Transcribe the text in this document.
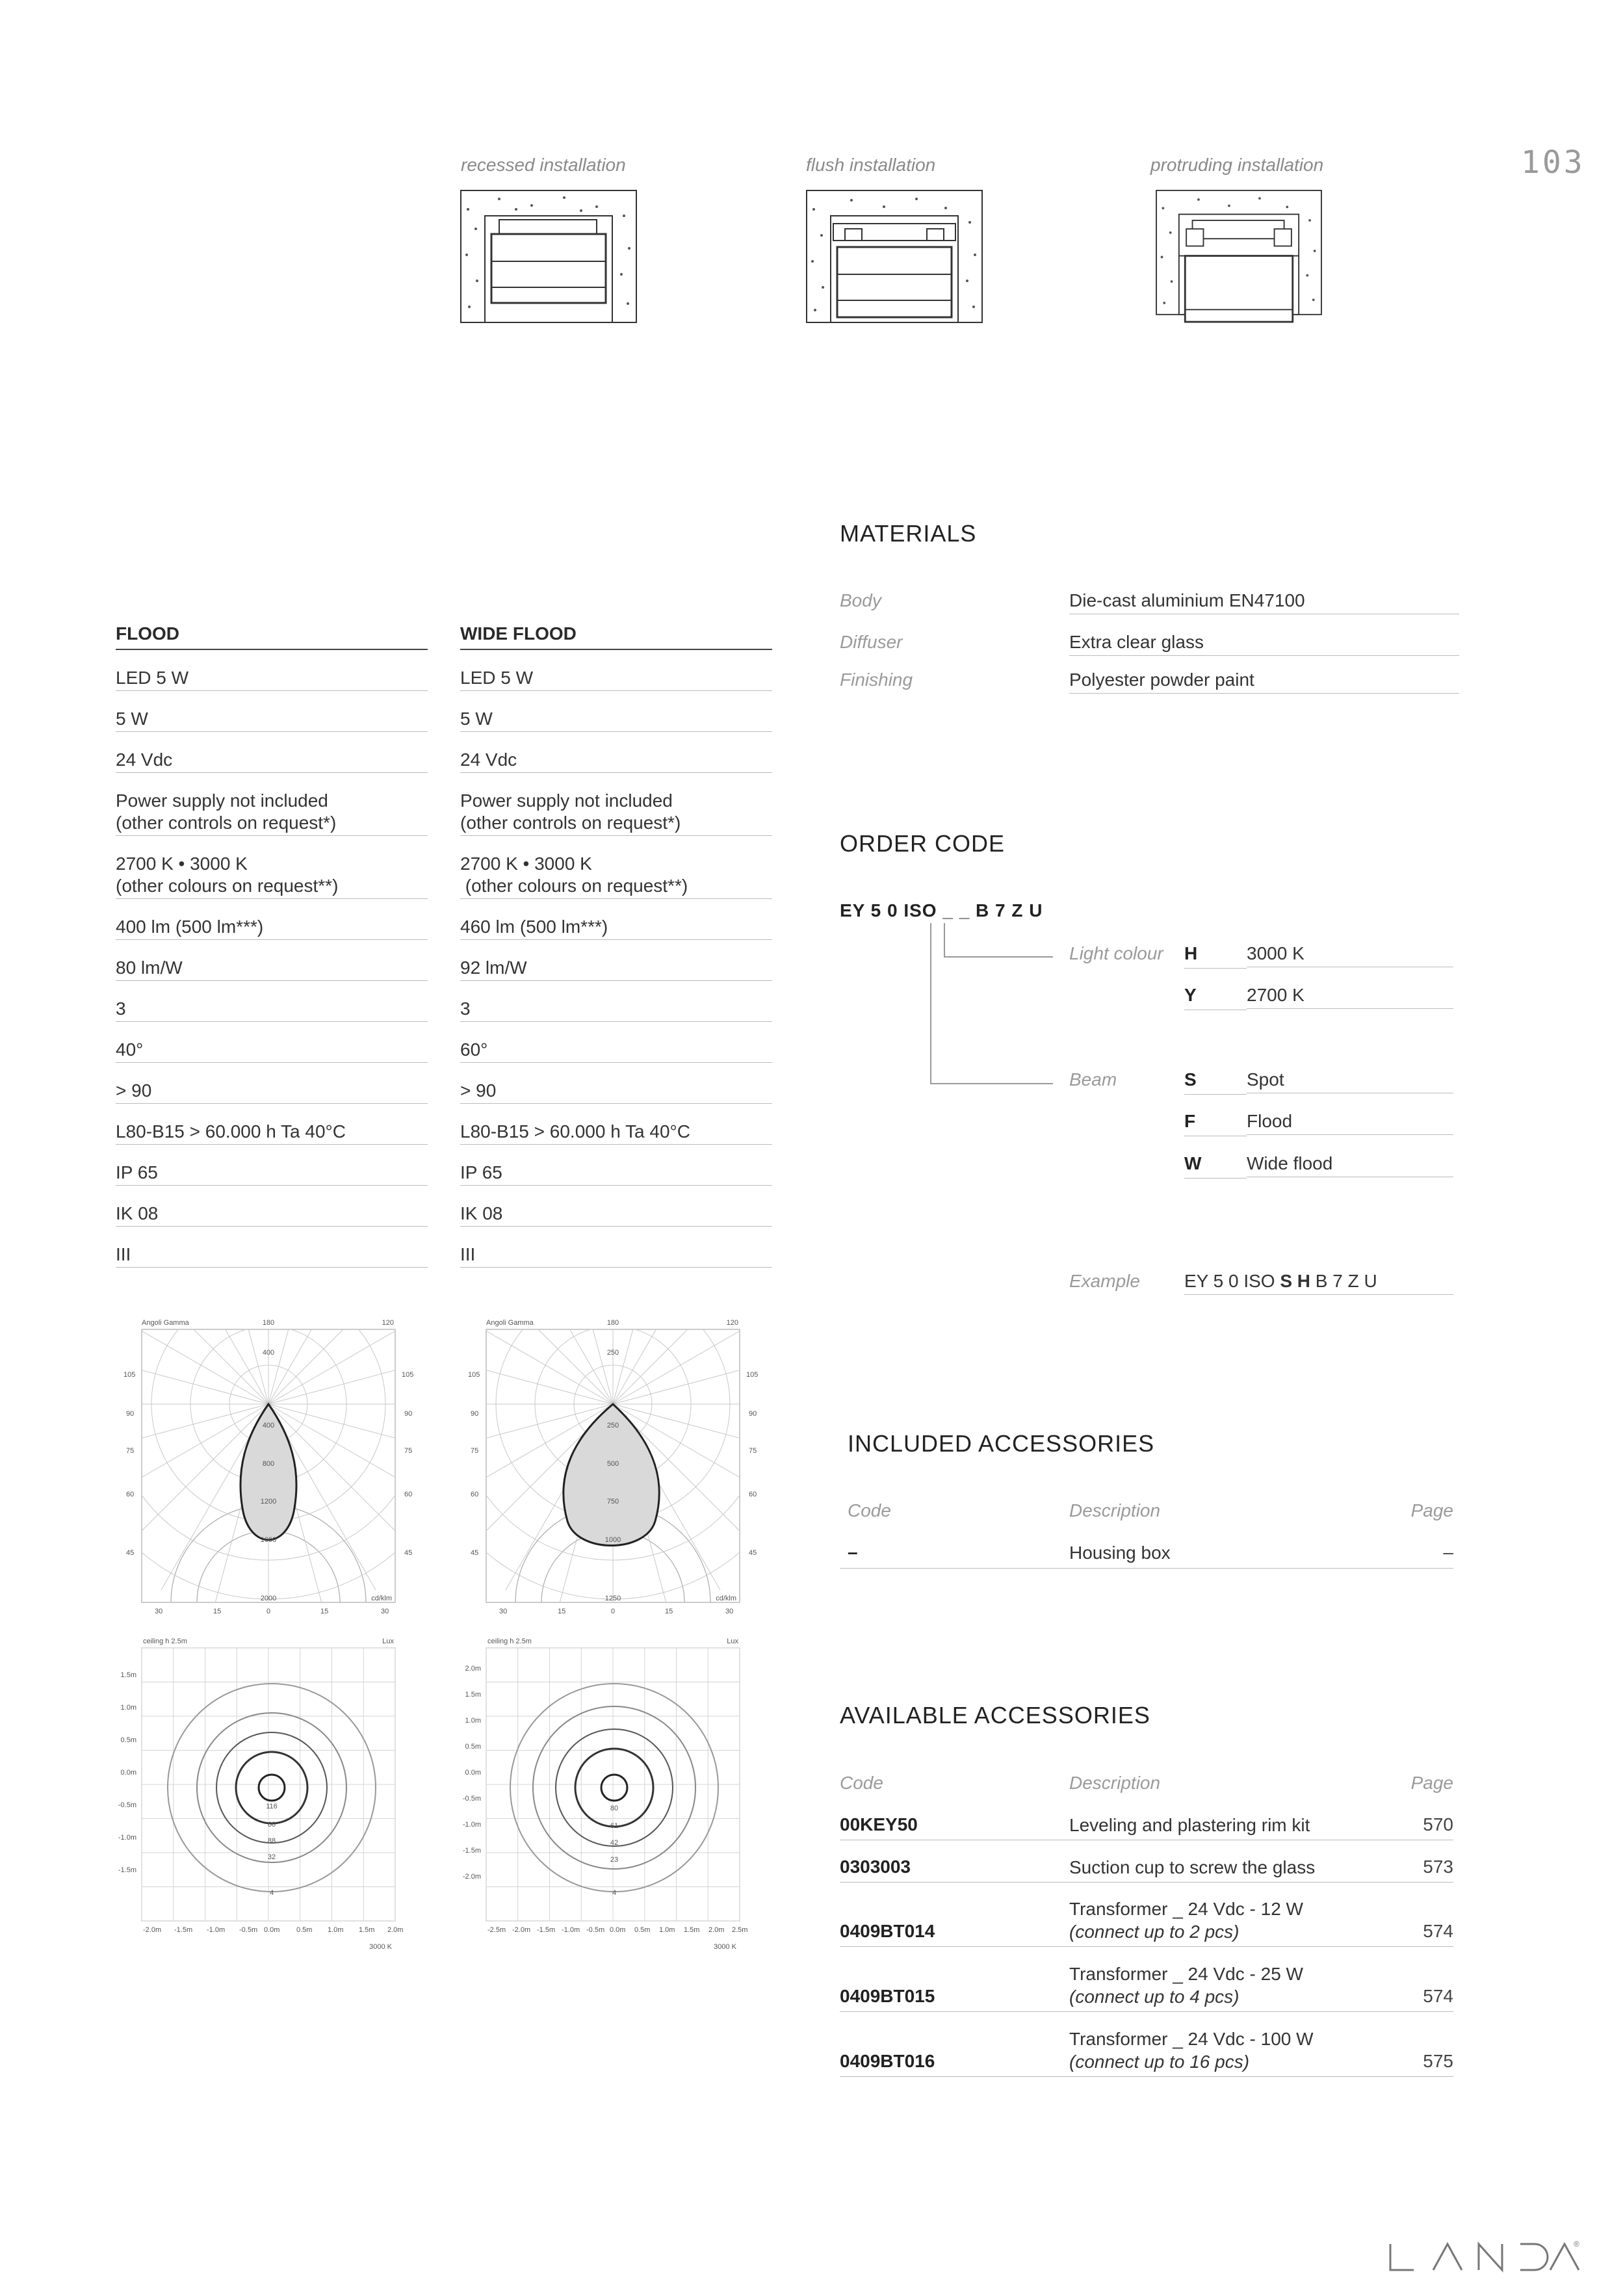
103
recessed installation	flush installation	protruding installation
FLOOD
LED 5 W
5 W
24 Vdc
Power supply not included
(other controls on request*)
2700 K • 3000 K
(other colours on request**)
400 lm (500 lm***)
80 lm/W
3
40°
> 90
L80-B15 > 60.000 h Ta 40°C
IP 65
IK 08
III
WIDE FLOOD
LED 5 W
5 W
24 Vdc
Power supply not included
(other controls on request*)
2700 K • 3000 K
(other colours on request**)
460 lm (500 lm***)
92 lm/W
3
60°
> 90
L80-B15 > 60.000 h Ta 40°C
IP 65
IK 08
III
Angoli Gamma	180	120
105
90
75
60
45
105
90
75
60
45
30	15	0	15	30
400
400
800
1200
1600
2000	cd/klm
Angoli Gamma	180	120
105
90
75
60
45
105
90
75
60
45
30	15	0	15	30
250
250
500
750
1000
1250	cd/klm
ceiling h 2.5m	Lux
1.5m
1.0m
0.5m
0.0m
-0.5m
-1.0m
-1.5m
-2.0m -1.5m -1.0m -0.5m 0.0m 0.5m 1.0m 1.5m 2.0m
116
60
88
32
4
3000 K
ceiling h 2.5m	Lux
2.0m
1.5m
1.0m
0.5m
0.0m
-0.5m
-1.0m
-1.5m
-2.0m
-2.5m -2.0m -1.5m -1.0m -0.5m 0.0m 0.5m 1.0m 1.5m 2.0m 2.5m
80
61
42
23
4
3000 K
MATERIALS
Body	Die-cast aluminium EN47100
Diffuser	Extra clear glass
Finishing	Polyester powder paint
ORDER CODE
EY 5 0 ISO _ _ B 7 Z U
Light colour H	3000 K
Y	2700 K
Beam	S	Spot
F	Flood
W Wide flood
Example EY 5 0 ISO S H B 7 Z U
INCLUDED ACCESSORIES
Code	Description	Page
–	Housing box	–
AVAILABLE ACCESSORIES
Code	Description	Page
00KEY50	Leveling and plastering rim kit	570
0303003	Suction cup to screw the glass	573
Transformer _ 24 Vdc - 12 W
(connect up to 2 pcs)
0409BT014	574
Transformer _ 24 Vdc - 25 W
(connect up to 4 pcs)
0409BT015	574
Transformer _ 24 Vdc - 100 W
(connect up to 16 pcs)
0409BT016	575
®
LANDA
